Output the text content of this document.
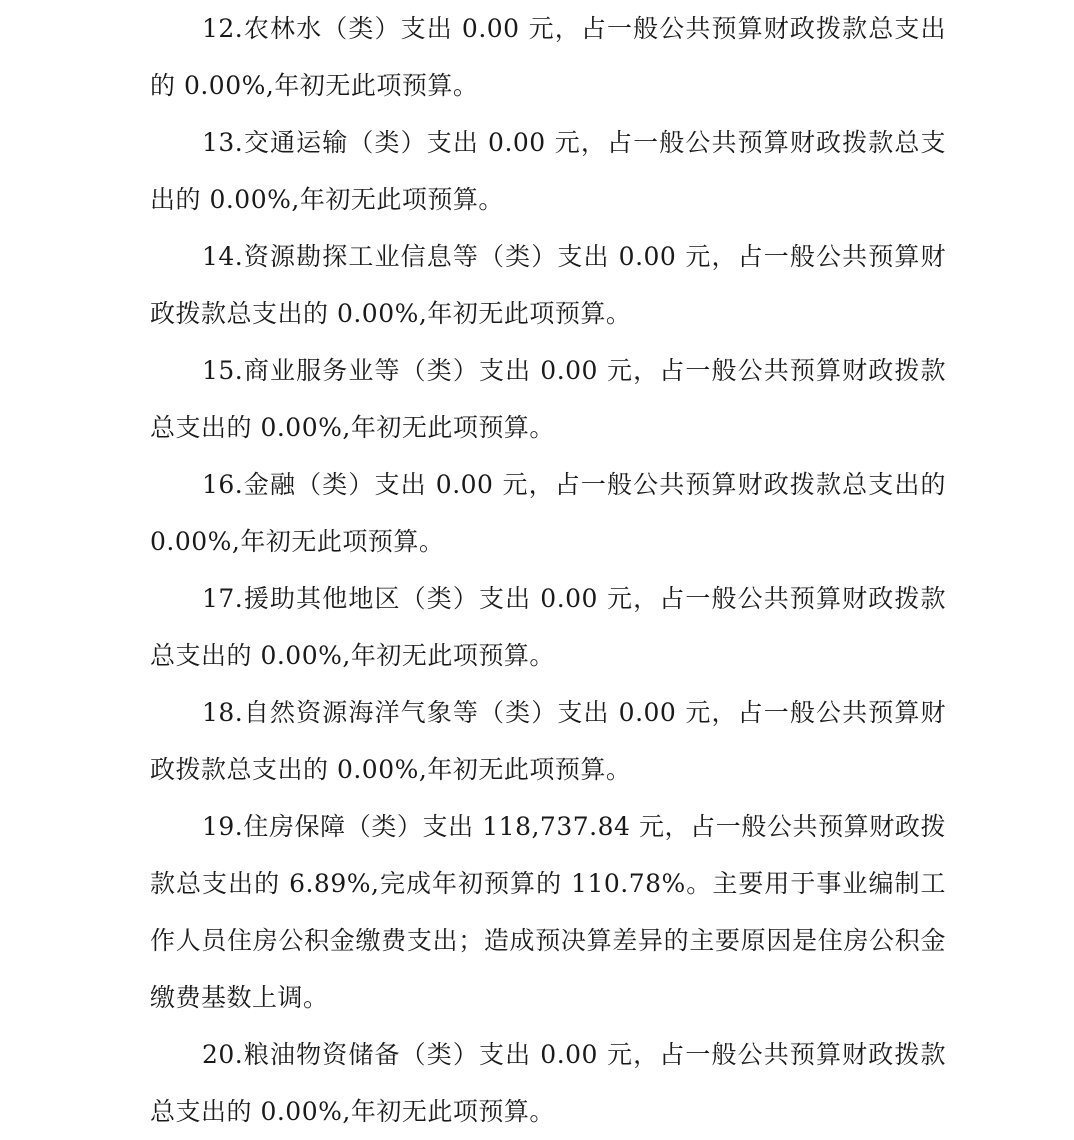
12.农林水（类）支出 0.00 元，占一般公共预算财政拨款总支出的 0.00%,年初无此项预算。

13.交通运输（类）支出 0.00 元，占一般公共预算财政拨款总支出的 0.00%,年初无此项预算。

14.资源勘探工业信息等（类）支出 0.00 元，占一般公共预算财政拨款总支出的 0.00%,年初无此项预算。

15.商业服务业等（类）支出 0.00 元，占一般公共预算财政拨款总支出的 0.00%,年初无此项预算。

16.金融（类）支出 0.00 元，占一般公共预算财政拨款总支出的 0.00%,年初无此项预算。

17.援助其他地区（类）支出 0.00 元，占一般公共预算财政拨款总支出的 0.00%,年初无此项预算。

18.自然资源海洋气象等（类）支出 0.00 元，占一般公共预算财政拨款总支出的 0.00%,年初无此项预算。

19.住房保障（类）支出 118,737.84 元，占一般公共预算财政拨款总支出的 6.89%,完成年初预算的 110.78%。主要用于事业编制工作人员住房公积金缴费支出；造成预决算差异的主要原因是住房公积金缴费基数上调。

20.粮油物资储备（类）支出 0.00 元，占一般公共预算财政拨款总支出的 0.00%,年初无此项预算。
